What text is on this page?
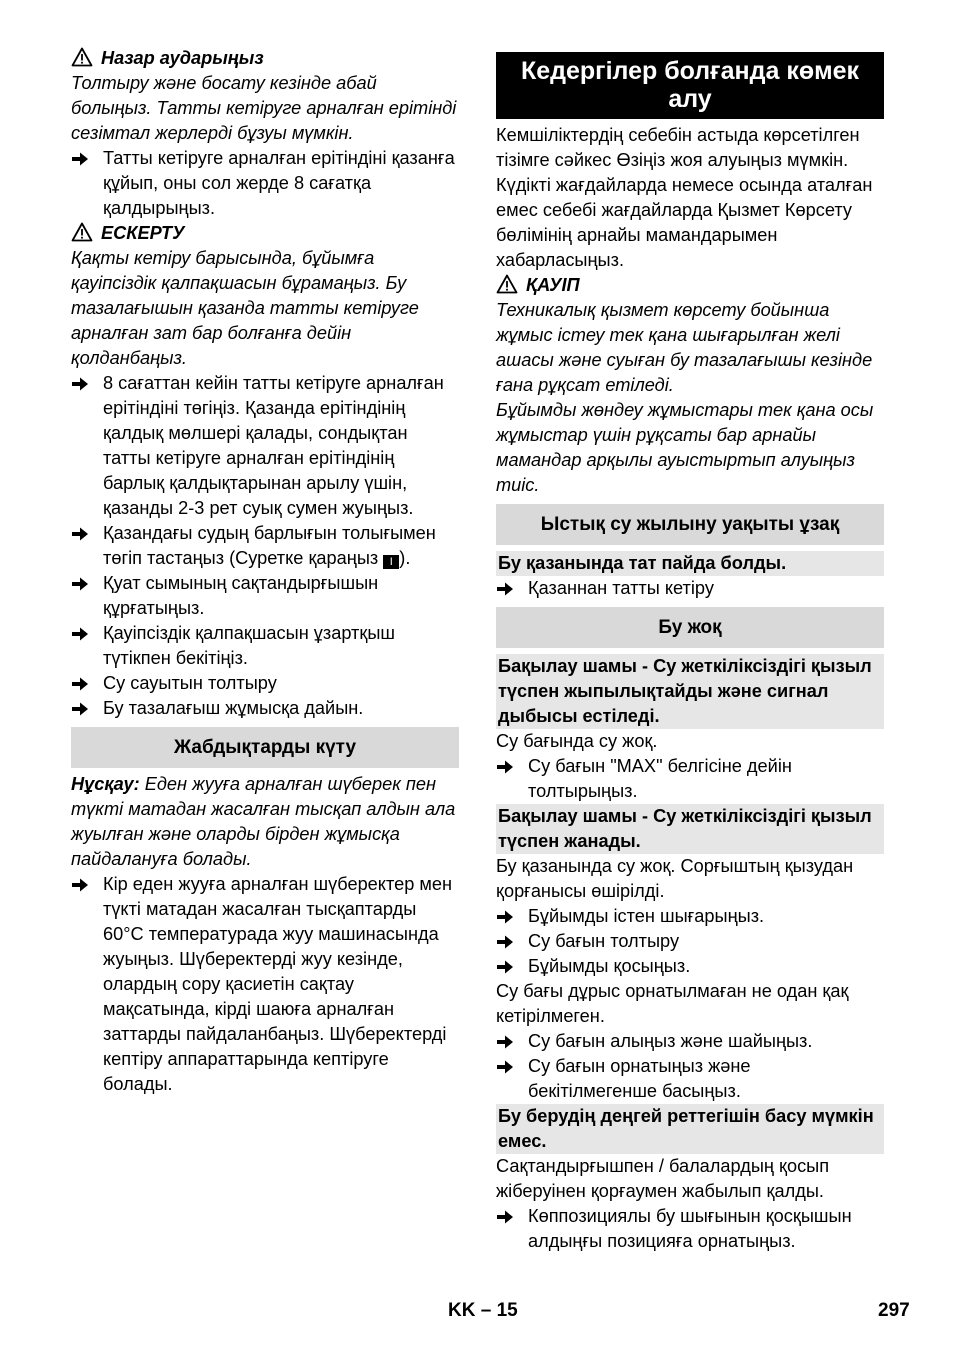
Назар аударыңыз

Толтыру және босату кезінде абай болыңыз. Татты кетіруге арналған ерітінді сезімтал жерлерді бұзуы мүмкін.

Татты кетіруге арналған ерітіндіні қазанға құйып, оны сол жерде 8 сағатқа қалдырыңыз.

ЕСКЕРТУ

Қақты кетіру барысында, бұйымға қауіпсіздік қалпақшасын бұрамаңыз. Бу тазалағышын қазанда татты кетіруге арналған зат бар болғанға дейін қолданбаңыз.

8 сағаттан кейін татты кетіруге арналған ерітіндіні төгіңіз. Қазанда ерітіндінің қалдық мөлшері қалады, сондықтан татты кетіруге арналған ерітіндінің барлық қалдықтарынан арылу үшін, қазанды 2-3 рет суық сумен жуыңыз.
Қазандағы судың барлығын толығымен төгіп тастаңыз (Суретке қараңыз I ).
Қуат сымының сақтандырғышын құрғатыңыз.
Қауіпсіздік қалпақшасын ұзартқыш түтікпен бекітіңіз.
Су сауытын толтыру
Бу тазалағыш жұмысқа дайын.
Жабдықтарды күту

Нұсқау: Еден жууға арналған шүберек пен түкті матадан жасалған тысқап алдын ала жуылған және оларды бірден жұмысқа пайдалануға болады.

Кір еден жууға арналған шүберектер мен түкті матадан жасалған тысқаптарды 60°C температурада жуу машинасында жуыңыз. Шүберектерді жуу кезінде, олардың сору қасиетін сақтау мақсатында, кірді шаюға арналған заттарды пайдаланбаңыз. Шүберектерді кептіру аппараттарында кептіруге болады.
Кедергілер болғанда көмек алу

Кемшіліктердің себебін астыда көрсетілген тізімге сәйкес Өзіңіз жоя алуыңыз мүмкін. Күдікті жағдайларда немесе осында аталған емес себебі жағдайларда Қызмет Көрсету бөлімінің арнайы мамандарымен хабарласыңыз.

ҚАУІП

Техникалық қызмет көрсету бойынша жұмыс істеу тек қана шығарылған желі ашасы және суыған бу тазалағышы кезінде ғана рұқсат етіледі.

Бұйымды жөндеу жұмыстары тек қана осы жұмыстар үшін рұқсаты бар арнайы мамандар арқылы ауыстыртып алуыңыз тиіс.

Ыстық су жылыну уақыты ұзақ
Бу қазанында тат пайда болды.
Қазаннан татты кетіру
Бу жоқ
Бақылау шамы - Су жеткіліксіздігі қызыл түспен жыпылықтайды және сигнал дыбысы естіледі.

Су бағында су жоқ.

Су бағын "MAX" белгісіне дейін толтырыңыз.
Бақылау шамы - Су жеткіліксіздігі қызыл түспен жанады.

Бу қазанында су жоқ. Сорғыштың қызудан қорғанысы өшірілді.

Бұйымды істен шығарыңыз.
Су бағын толтыру
Бұйымды қосыңыз.

Су бағы дұрыс орнатылмаған не одан қақ кетірілмеген.

Су бағын алыңыз және шайыңыз.
Су бағын орнатыңыз және бекітілмегенше басыңыз.
Бу берудің деңгей реттегішін басу мүмкін емес.

Сақтандырғышпен / балалардың қосып жіберуінен қорғаумен жабылып қалды.

Көппозициялы бу шығынын қосқышын алдыңғы позицияға орнатыңыз.
KK – 15	297
